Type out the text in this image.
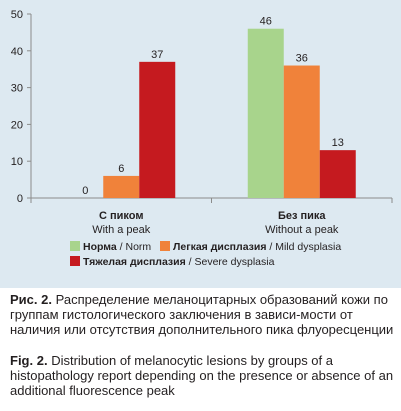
0
10
20
30
40
50
0
6
37
С пиком
With a peak
46
36
13
Без пика
Without a peak
Норма / Norm Легкая дисплазия / Mild dysplasia
Тяжелая дисплазия / Severe dysplasia
Рис. 2. Распределение меланоцитарных образований кожи по группам гистологического заключения в зависи-мости от наличия или отсутствия дополнительного пика флуоресценции
Fig. 2. Distribution of melanocytic lesions by groups of a histopathology report depending on the presence or absence of an additional fluorescence peak
